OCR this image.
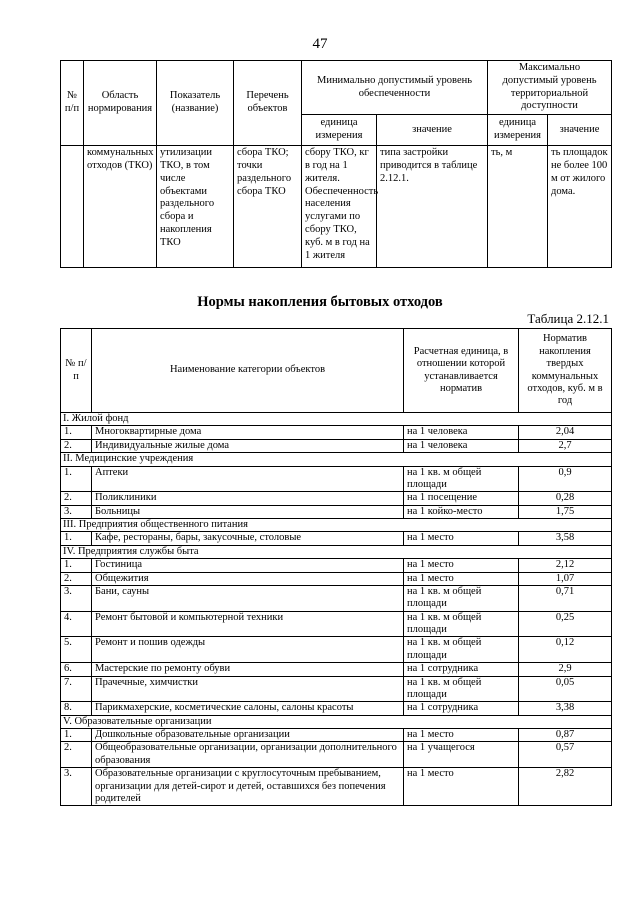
47
№ п/п	Область нормирования	Показатель (название)	Перечень объектов	Минимально допустимый уровень обеспеченности		Максимально допустимый уровень территориальной доступности	
				единица измерения	значение	единица измерения	значение
	коммунальных отходов (ТКО)	утилизации ТКО, в том числе объектами раздельного сбора и накопления ТКО	сбора ТКО; точки раздельного сбора ТКО	сбору ТКО, кг в год на 1 жителя. Обеспеченность населения услугами по сбору ТКО, куб. м в год на 1 жителя	типа застройки приводится в таблице 2.12.1.	ть, м	ть площадок не более 100 м от жилого дома.
Нормы накопления бытовых отходов
Таблица 2.12.1
№ п/п	Наименование категории объектов	Расчетная единица, в отношении которой устанавливается норматив	Норматив накопления твердых коммунальных отходов, куб. м в год
I. Жилой фонд			
1.	Многоквартирные дома	на 1 человека	2,04
2.	Индивидуальные жилые дома	на 1 человека	2,7
II. Медицинские учреждения			
1.	Аптеки	на 1 кв. м общей площади	0,9
2.	Поликлиники	на 1 посещение	0,28
3.	Больницы	на 1 койко-место	1,75
III. Предприятия общественного питания			
1.	Кафе, рестораны, бары, закусочные, столовые	на 1 место	3,58
IV. Предприятия службы быта			
1.	Гостиница	на 1 место	2,12
2.	Общежития	на 1 место	1,07
3.	Бани, сауны	на 1 кв. м общей площади	0,71
4.	Ремонт бытовой и компьютерной техники	на 1 кв. м общей площади	0,25
5.	Ремонт и пошив одежды	на 1 кв. м общей площади	0,12
6.	Мастерские по ремонту обуви	на 1 сотрудника	2,9
7.	Прачечные, химчистки	на 1 кв. м общей площади	0,05
8.	Парикмахерские, косметические салоны, салоны красоты	на 1 сотрудника	3,38
V. Образовательные организации			
1.	Дошкольные образовательные организации	на 1 место	0,87
2.	Общеобразовательные организации, организации дополнительного образования	на 1 учащегося	0,57
3.	Образовательные организации с круглосуточным пребыванием, организации для детей-сирот и детей, оставшихся без попечения родителей	на 1 место	2,82
